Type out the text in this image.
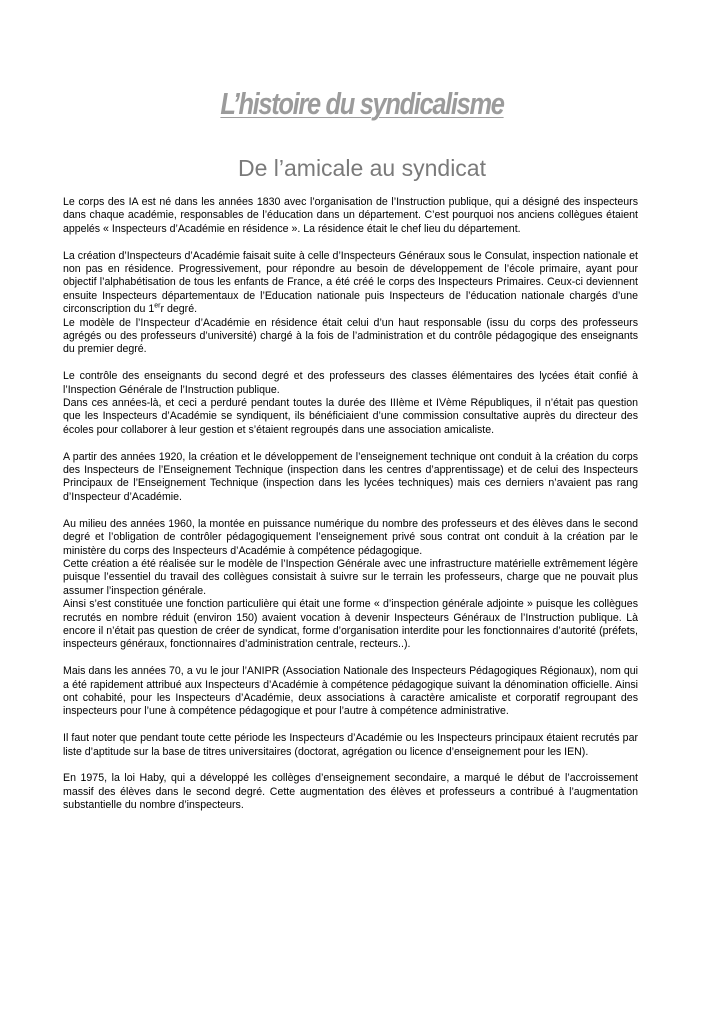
L’histoire du syndicalisme
De l’amicale au syndicat

Le corps des IA est né dans les années 1830 avec l’organisation de l’Instruction publique, qui a désigné des inspecteurs dans chaque académie, responsables de l’éducation dans un département. C’est pourquoi nos anciens collègues étaient appelés « Inspecteurs d’Académie en résidence ». La résidence était le chef lieu du département.

La création d’Inspecteurs d’Académie faisait suite à celle d’Inspecteurs Généraux sous le Consulat, inspection nationale et non pas en résidence. Progressivement, pour répondre au besoin de développement de l’école primaire, ayant pour objectif l’alphabétisation de tous les enfants de France, a été créé le corps des Inspecteurs Primaires. Ceux-ci deviennent ensuite Inspecteurs départementaux de l’Education nationale puis Inspecteurs de l’éducation nationale chargés d’une circonscription du 1err degré.
Le modèle de l’Inspecteur d’Académie en résidence était celui d’un haut responsable (issu du corps des professeurs agrégés ou des professeurs d’université) chargé à la fois de l’administration et du contrôle pédagogique des enseignants du premier degré.

Le contrôle des enseignants du second degré et des professeurs des classes élémentaires des lycées était confié à l’Inspection Générale de l’Instruction publique.
Dans ces années-là, et ceci a perduré pendant toutes la durée des IIIème et IVème Républiques, il n’était pas question que les Inspecteurs d’Académie se syndiquent, ils bénéficiaient d’une commission consultative auprès du directeur des écoles pour collaborer à leur gestion et s’étaient regroupés dans une association amicaliste.

A partir des années 1920, la création et le développement de l’enseignement technique ont conduit à la création du corps des Inspecteurs de l’Enseignement Technique (inspection dans les centres d’apprentissage) et de celui des Inspecteurs Principaux de l’Enseignement Technique (inspection dans les lycées techniques) mais ces derniers n’avaient pas rang d’Inspecteur d’Académie.

Au milieu des années 1960, la montée en puissance numérique du nombre des professeurs et des élèves dans le second degré et l’obligation de contrôler pédagogiquement l’enseignement privé sous contrat ont conduit à la création par le ministère du corps des Inspecteurs d’Académie à compétence pédagogique.
Cette création a été réalisée sur le modèle de l’Inspection Générale avec une infrastructure matérielle extrêmement légère puisque l’essentiel du travail des collègues consistait à suivre sur le terrain les professeurs, charge que ne pouvait plus assumer l’inspection générale.
Ainsi s’est constituée une fonction particulière qui était une forme « d’inspection générale adjointe » puisque les collègues recrutés en nombre réduit (environ 150) avaient vocation à devenir Inspecteurs Généraux de l’Instruction publique. Là encore il n’était pas question de créer de syndicat, forme d’organisation interdite pour les fonctionnaires d’autorité (préfets, inspecteurs généraux, fonctionnaires d’administration centrale, recteurs..).

Mais dans les années 70, a vu le jour l’ANIPR (Association Nationale des Inspecteurs Pédagogiques Régionaux), nom qui a été rapidement attribué aux Inspecteurs d’Académie à compétence pédagogique suivant la dénomination officielle. Ainsi ont cohabité, pour les Inspecteurs d’Académie, deux associations à caractère amicaliste et corporatif regroupant des inspecteurs pour l’une à compétence pédagogique et pour l’autre à compétence administrative.

Il faut noter que pendant toute cette période les Inspecteurs d’Académie ou les Inspecteurs principaux étaient recrutés par liste d’aptitude sur la base de titres universitaires (doctorat, agrégation ou licence d’enseignement pour les IEN).

En 1975, la loi Haby, qui a développé les collèges d’enseignement secondaire, a marqué le début de l’accroissement massif des élèves dans le second degré. Cette augmentation des élèves et professeurs a contribué à l’augmentation substantielle du nombre d’inspecteurs.
